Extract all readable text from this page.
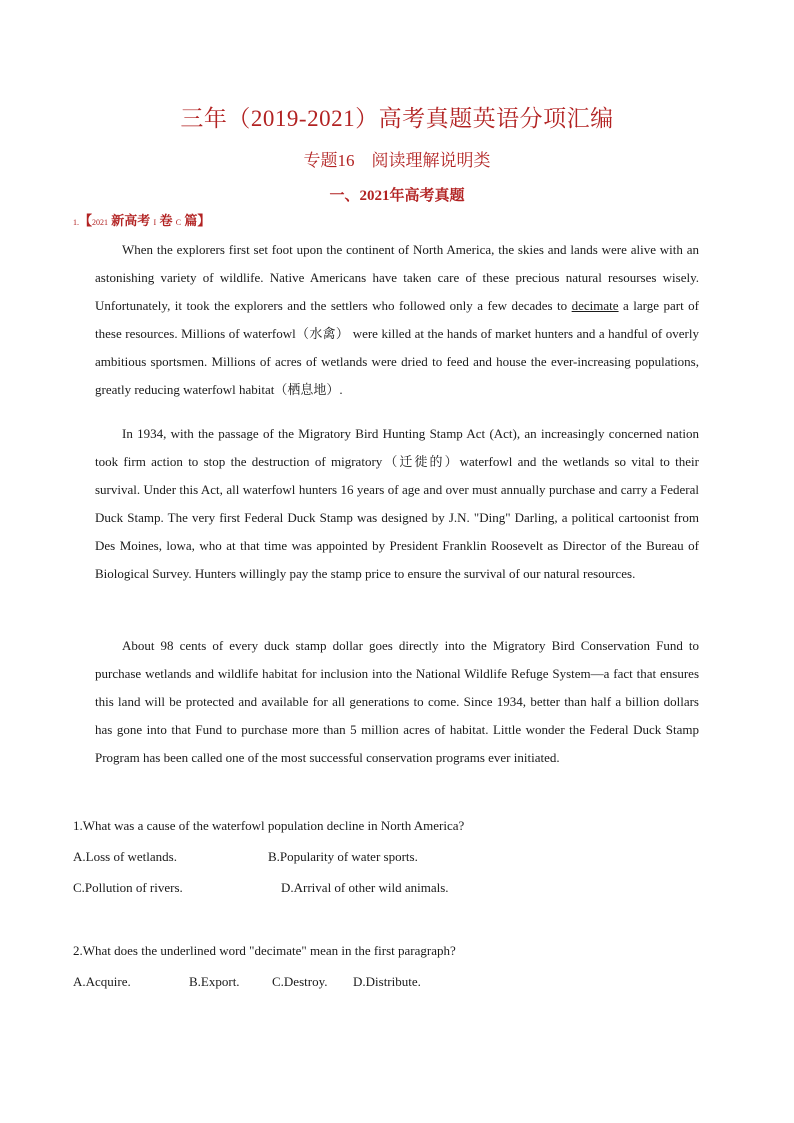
三年（2019-2021）高考真题英语分项汇编
专题16　阅读理解说明类
一、2021年高考真题
1.【2021 新高考 I 卷 C 篇】

When the explorers first set foot upon the continent of North America, the skies and lands were alive with an astonishing variety of wildlife. Native Americans have taken care of these precious natural resourses wisely. Unfortunately, it took the explorers and the settlers who followed only a few decades to decimate a large part of these resources. Millions of waterfowl（水禽） were killed at the hands of market hunters and a handful of overly ambitious sportsmen. Millions of acres of wetlands were dried to feed and house the ever-increasing populations, greatly reducing waterfowl habitat（栖息地）.

In 1934, with the passage of the Migratory Bird Hunting Stamp Act (Act), an increasingly concerned nation took firm action to stop the destruction of migratory（迁徙的）waterfowl and the wetlands so vital to their survival. Under this Act, all waterfowl hunters 16 years of age and over must annually purchase and carry a Federal Duck Stamp. The very first Federal Duck Stamp was designed by J.N. "Ding" Darling, a political cartoonist from Des Moines, lowa, who at that time was appointed by President Franklin Roosevelt as Director of the Bureau of Biological Survey. Hunters willingly pay the stamp price to ensure the survival of our natural resources.

About 98 cents of every duck stamp dollar goes directly into the Migratory Bird Conservation Fund to purchase wetlands and wildlife habitat for inclusion into the National Wildlife Refuge System—a fact that ensures this land will be protected and available for all generations to come. Since 1934, better than half a billion dollars has gone into that Fund to purchase more than 5 million acres of habitat. Little wonder the Federal Duck Stamp Program has been called one of the most successful conservation programs ever initiated.

1.What was a cause of the waterfowl population decline in North America?
A.Loss of wetlands.	B.Popularity of water sports.
C.Pollution of rivers.	D.Arrival of other wild animals.
2.What does the underlined word "decimate" mean in the first paragraph?
A.Acquire.	B.Export. C.Destroy. D.Distribute.
